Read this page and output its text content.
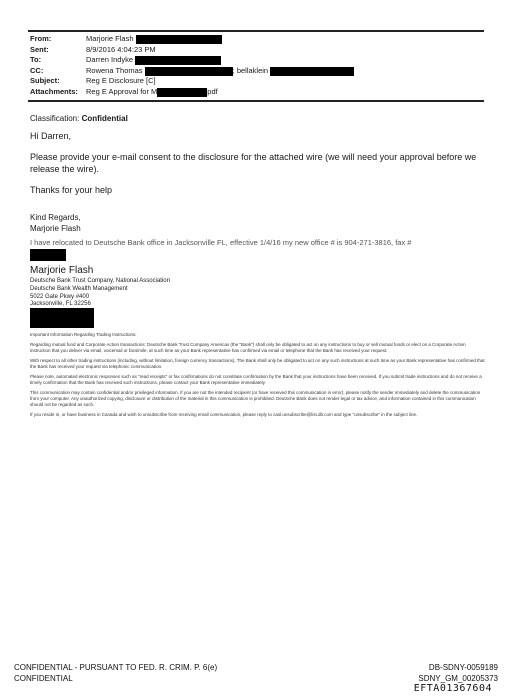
From:	Marjorie Flash

Sent:	8/9/2016 4:04:23 PM
To:	Darren Indyke

CC:	Rowena Thomas
	; bellaklein

Subject:	Reg E Disclosure [C]
Attachments:	Reg E Approval for M	pdf
Classification: Confidential
Hi Darren,
Please provide your e-mail consent to the disclosure for the attached wire (we will need your approval before we release the wire).
Thanks for your help
Kind Regards,
Marjorie Flash
I have relocated to Deutsche Bank office in Jacksonville FL, effective 1/4/16 my new office # is 904-271-3816, fax #
Marjorie Flash
Deutsche Bank Trust Company, National Association
Deutsche Bank Wealth Management
5022 Gate Pkwy #400
Jacksonville, FL 32256

Important Information Regarding Trading Instructions:

Regarding mutual fund and Corporate Action transactions: Deutsche Bank Trust Company Americas (the "Bank") shall only be obligated to act on any instructions to buy or sell mutual funds or elect on a Corporate Action instruction that you deliver via email, voicemail or facsimile, at such time as your Bank representative has confirmed via email or telephone that the Bank has received your request.

With respect to all other trading instructions (including, without limitation, foreign currency transactions), The Bank shall only be obligated to act on any such instructions at such time as your Bank representative has confirmed that the Bank has received your request via telephonic communication.

Please note, automated electronic responses such as "read receipts" or fax confirmations do not constitute confirmation by the Bank that your instructions have been received. If you submit trade instructions and do not receive a timely confirmation that the Bank has received such instructions, please contact your Bank representative immediately.

This communication may contain confidential and/or privileged information. If you are not the intended recipient (or have received this communication in error), please notify the sender immediately and delete the communication from your computer. Any unauthorized copying, disclosure or distribution of the material in this communication is prohibited. Deutsche Bank does not render legal or tax advice, and information contained in this communication should not be regarded as such.

If you reside in, or have business in Canada and wish to unsubscribe from receiving email communication, please reply to casl.unsubscribe@list.db.com and type "unsubscribe" in the subject line.

CONFIDENTIAL - PURSUANT TO FED. R. CRIM. P. 6(e)	DB-SDNY-0059189
CONFIDENTIAL	SDNY_GM_00205373
EFTA01367604
